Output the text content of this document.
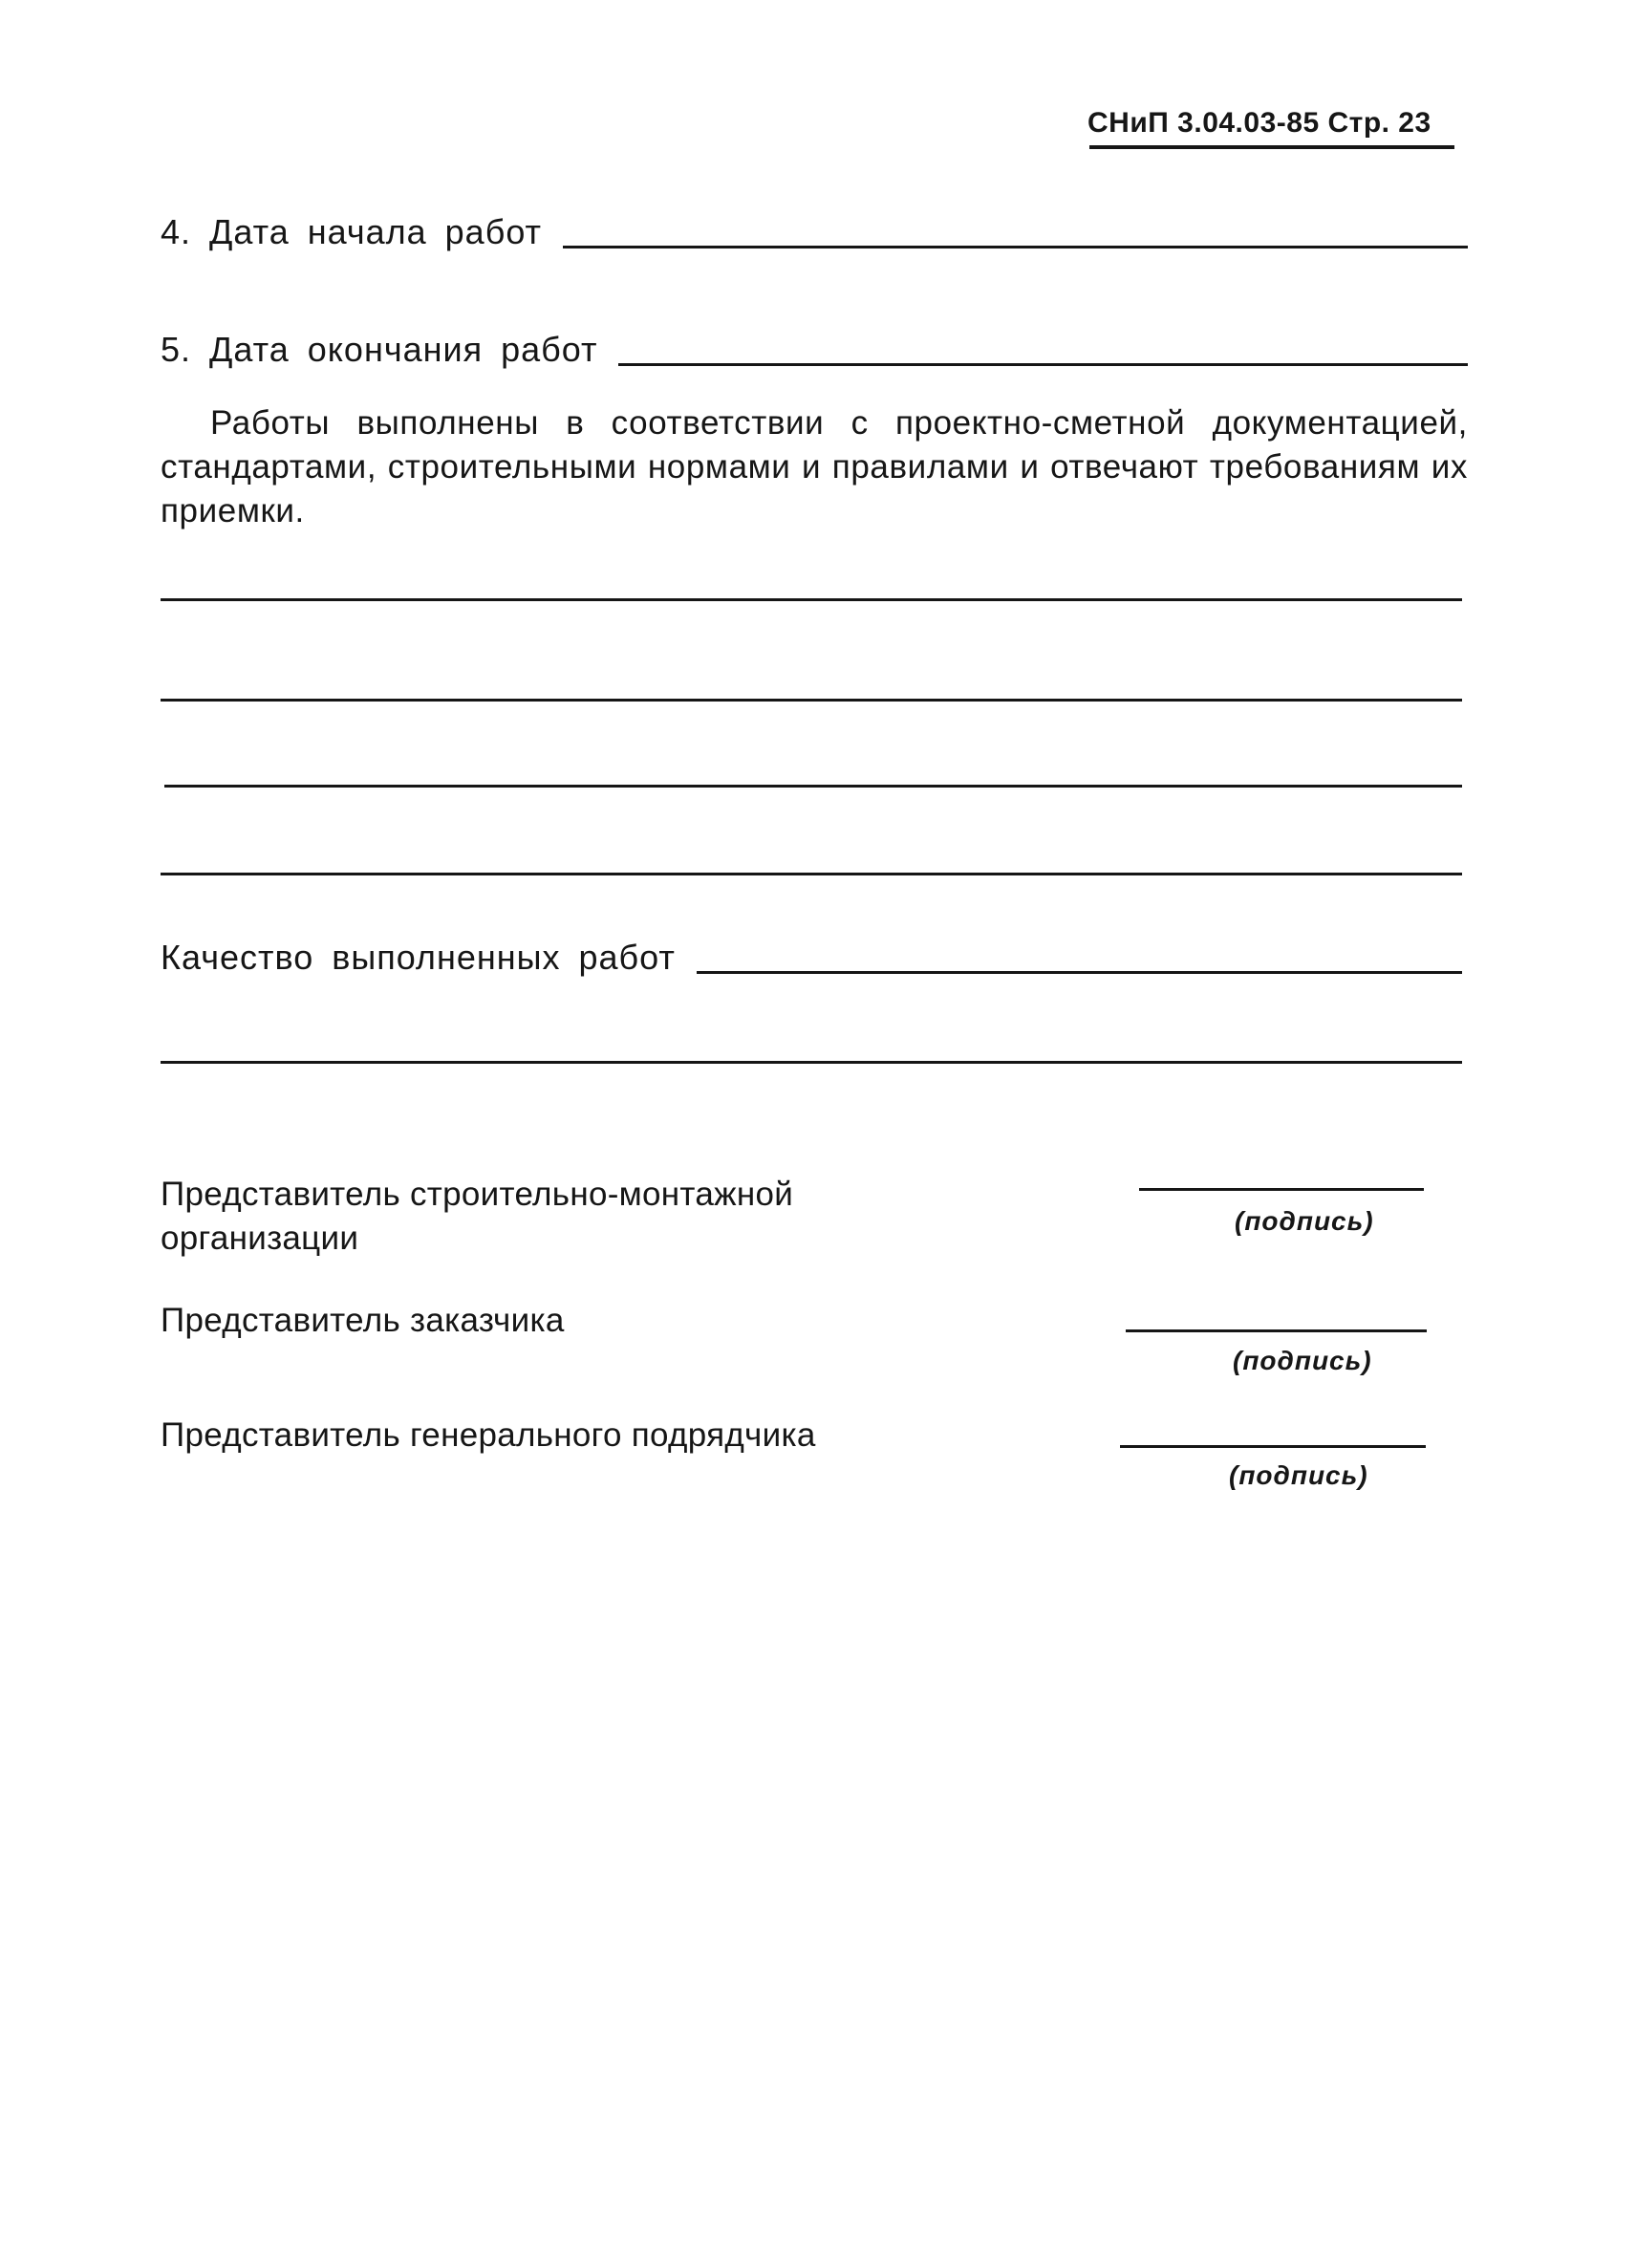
СНиП 3.04.03-85 Стр. 23
4. Дата начала работ
5. Дата окончания работ
Работы выполнены в соответствии с проектно-сметной документацией, стандартами, строительными нормами и правилами и отвечают требованиям их приемки.
Качество выполненных работ
Представитель строительно-монтажной организации	(подпись)
Представитель заказчика
(подпись)
Представитель генерального подрядчика
(подпись)
